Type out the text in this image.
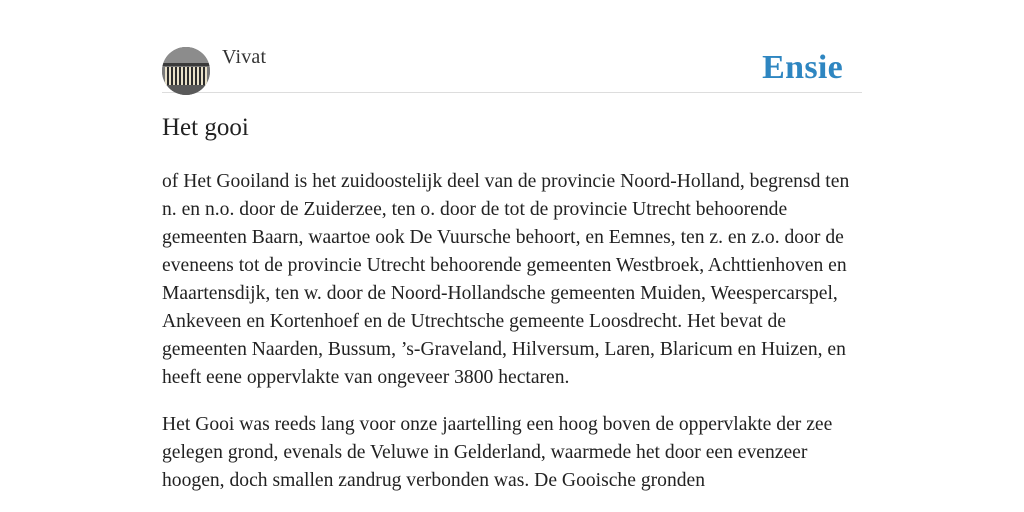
Vivat	Ensie
Het gooi

of Het Gooiland is het zuidoostelijk deel van de provincie Noord-Holland, begrensd ten n. en n.o. door de Zuiderzee, ten o. door de tot de provincie Utrecht behoorende gemeenten Baarn, waartoe ook De Vuursche behoort, en Eemnes, ten z. en z.o. door de eveneens tot de provincie Utrecht behoorende gemeenten Westbroek, Achttienhoven en Maartensdijk, ten w. door de Noord-Hollandsche gemeenten Muiden, Weespercarspel, Ankeveen en Kortenhoef en de Utrechtsche gemeente Loosdrecht. Het bevat de gemeenten Naarden, Bussum, ’s-Graveland, Hilversum, Laren, Blaricum en Huizen, en heeft eene oppervlakte van ongeveer 3800 hectaren.

Het Gooi was reeds lang voor onze jaartelling een hoog boven de oppervlakte der zee gelegen grond, evenals de Veluwe in Gelderland, waarmede het door een evenzeer hoogen, doch smallen zandrug verbonden was. De Gooische gronden
